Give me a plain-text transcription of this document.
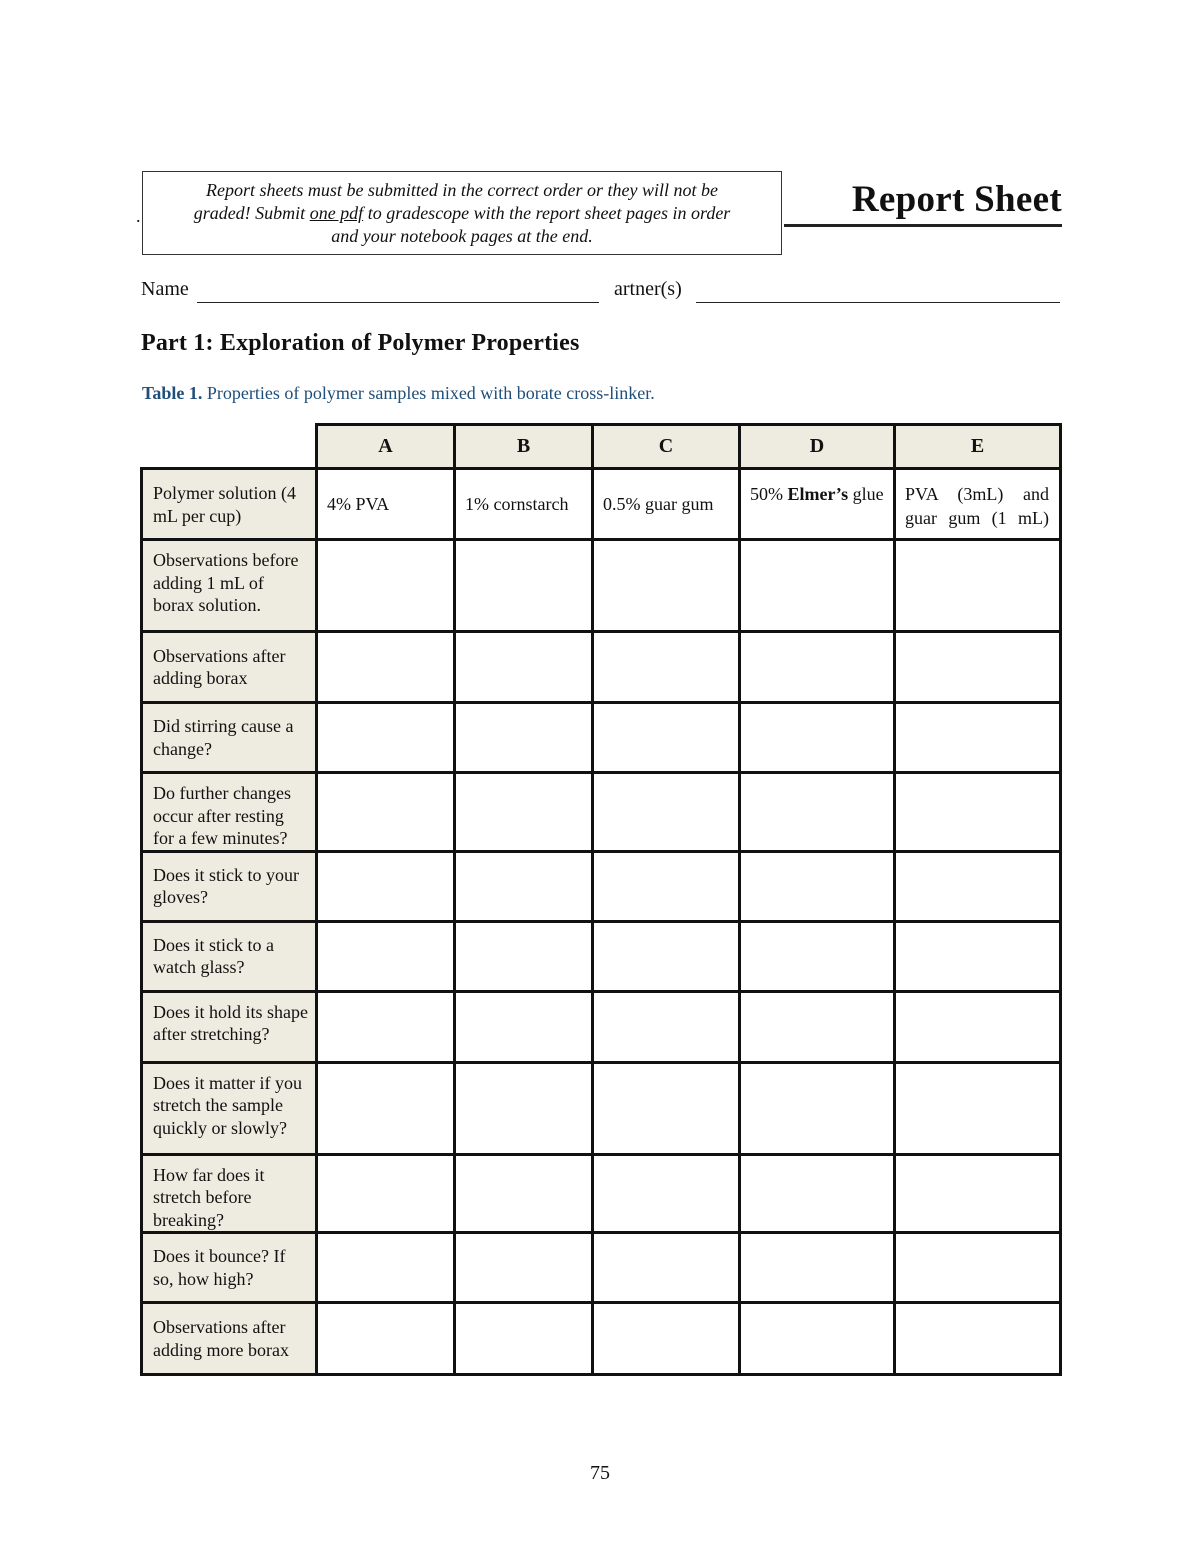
.
Report sheets must be submitted in the correct order or they will not be
graded! Submit one pdf to gradescope with the report sheet pages in order
and your notebook pages at the end.
Report Sheet
Name	artner(s)
Part 1: Exploration of Polymer Properties
Table 1. Properties of polymer samples mixed with borate cross-linker.
	A	B	C	D	E
Polymer solution (4 mL per cup)	4% PVA	1% cornstarch	0.5% guar gum	50% Elmer’s glue	PVA (3mL) and guar gum (1 mL)
Observations before adding 1 mL of borax solution.					
Observations after adding borax					
Did stirring cause a change?					
Do further changes occur after resting for a few minutes?					
Does it stick to your gloves?					
Does it stick to a watch glass?					
Does it hold its shape after stretching?					
Does it matter if you stretch the sample quickly or slowly?					
How far does it stretch before breaking?					
Does it bounce? If so, how high?					
Observations after adding more borax					
75
